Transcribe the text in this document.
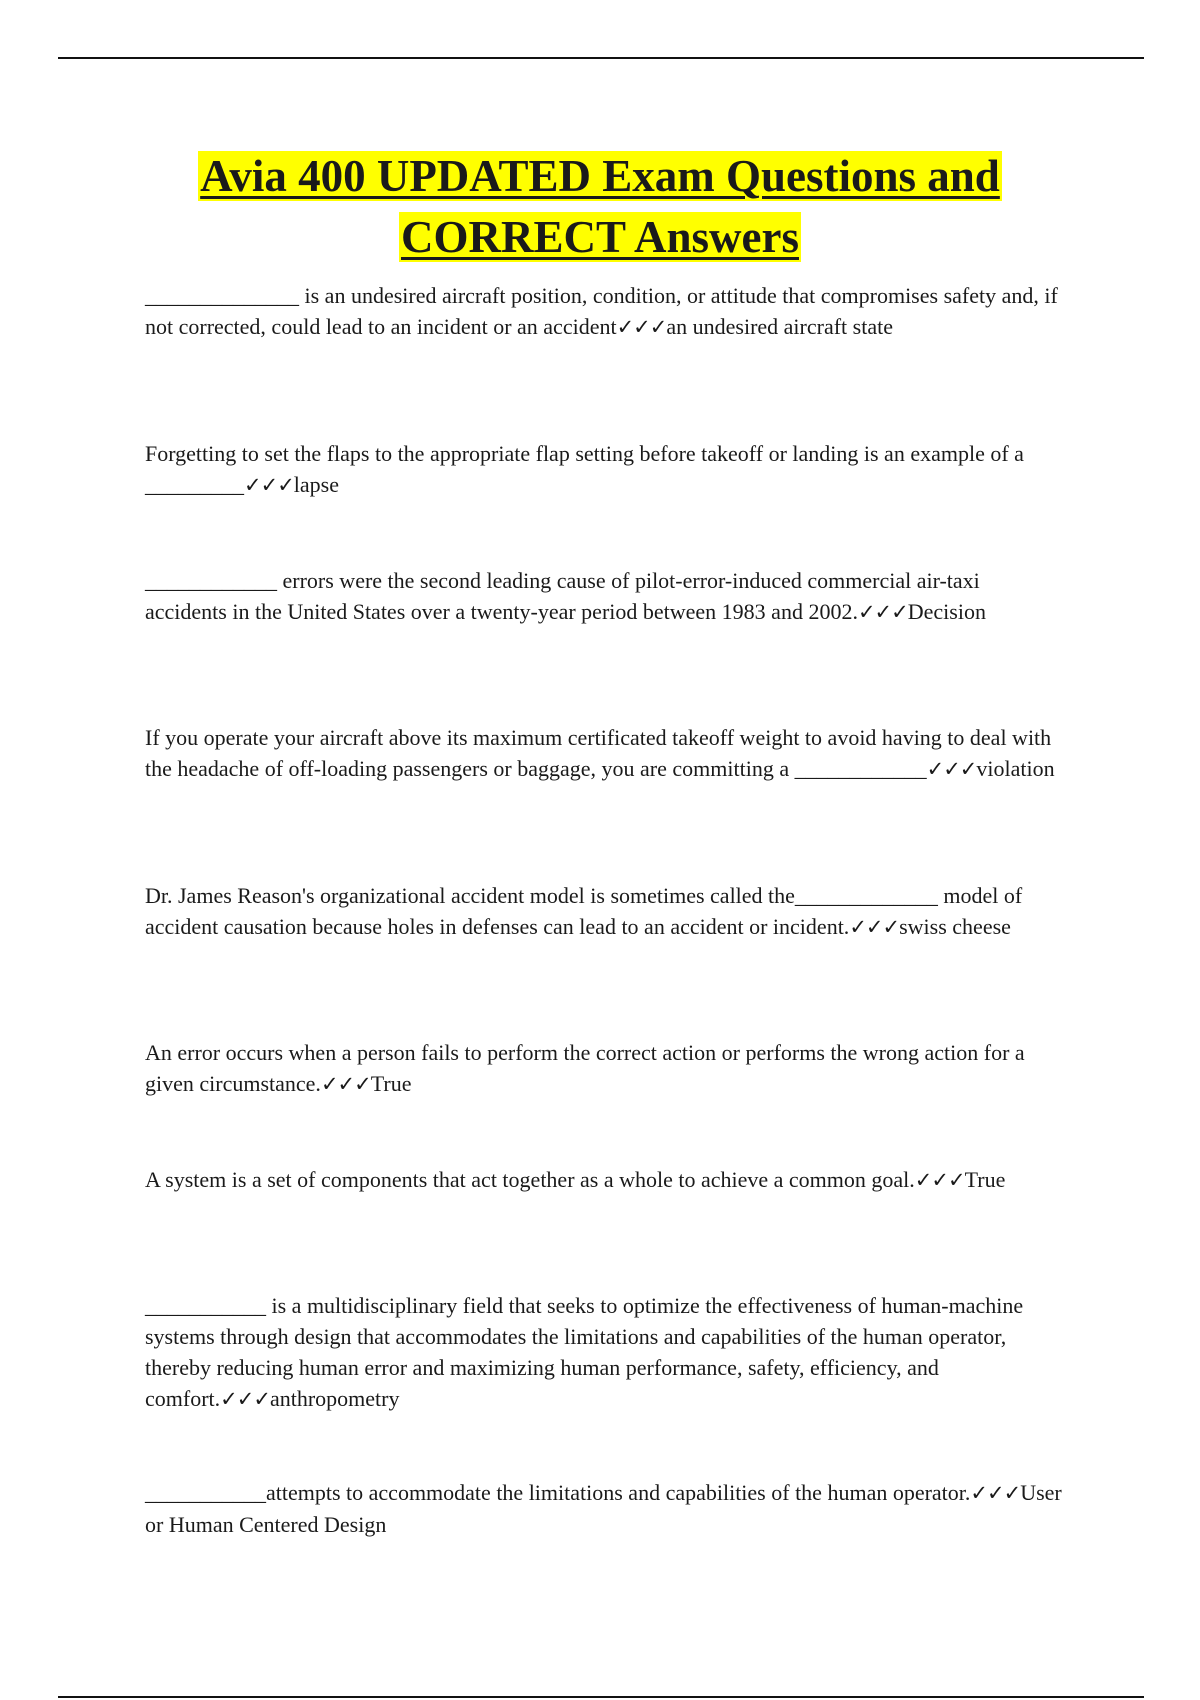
Avia 400 UPDATED Exam Questions and
CORRECT Answers

______________ is an undesired aircraft position, condition, or attitude that compromises safety and, if not corrected, could lead to an incident or an accident✓✓✓an undesired aircraft state

Forgetting to set the flaps to the appropriate flap setting before takeoff or landing is an example of a _________✓✓✓lapse

____________ errors were the second leading cause of pilot-error-induced commercial air-taxi accidents in the United States over a twenty-year period between 1983 and 2002.✓✓✓Decision

If you operate your aircraft above its maximum certificated takeoff weight to avoid having to deal with the headache of off-loading passengers or baggage, you are committing a ____________✓✓✓violation

Dr. James Reason's organizational accident model is sometimes called the_____________ model of accident causation because holes in defenses can lead to an accident or incident.✓✓✓swiss cheese

An error occurs when a person fails to perform the correct action or performs the wrong action for a given circumstance.✓✓✓True

A system is a set of components that act together as a whole to achieve a common goal.✓✓✓True

___________ is a multidisciplinary field that seeks to optimize the effectiveness of human-machine systems through design that accommodates the limitations and capabilities of the human operator, thereby reducing human error and maximizing human performance, safety, efficiency, and comfort.✓✓✓anthropometry

___________attempts to accommodate the limitations and capabilities of the human operator.✓✓✓User or Human Centered Design
